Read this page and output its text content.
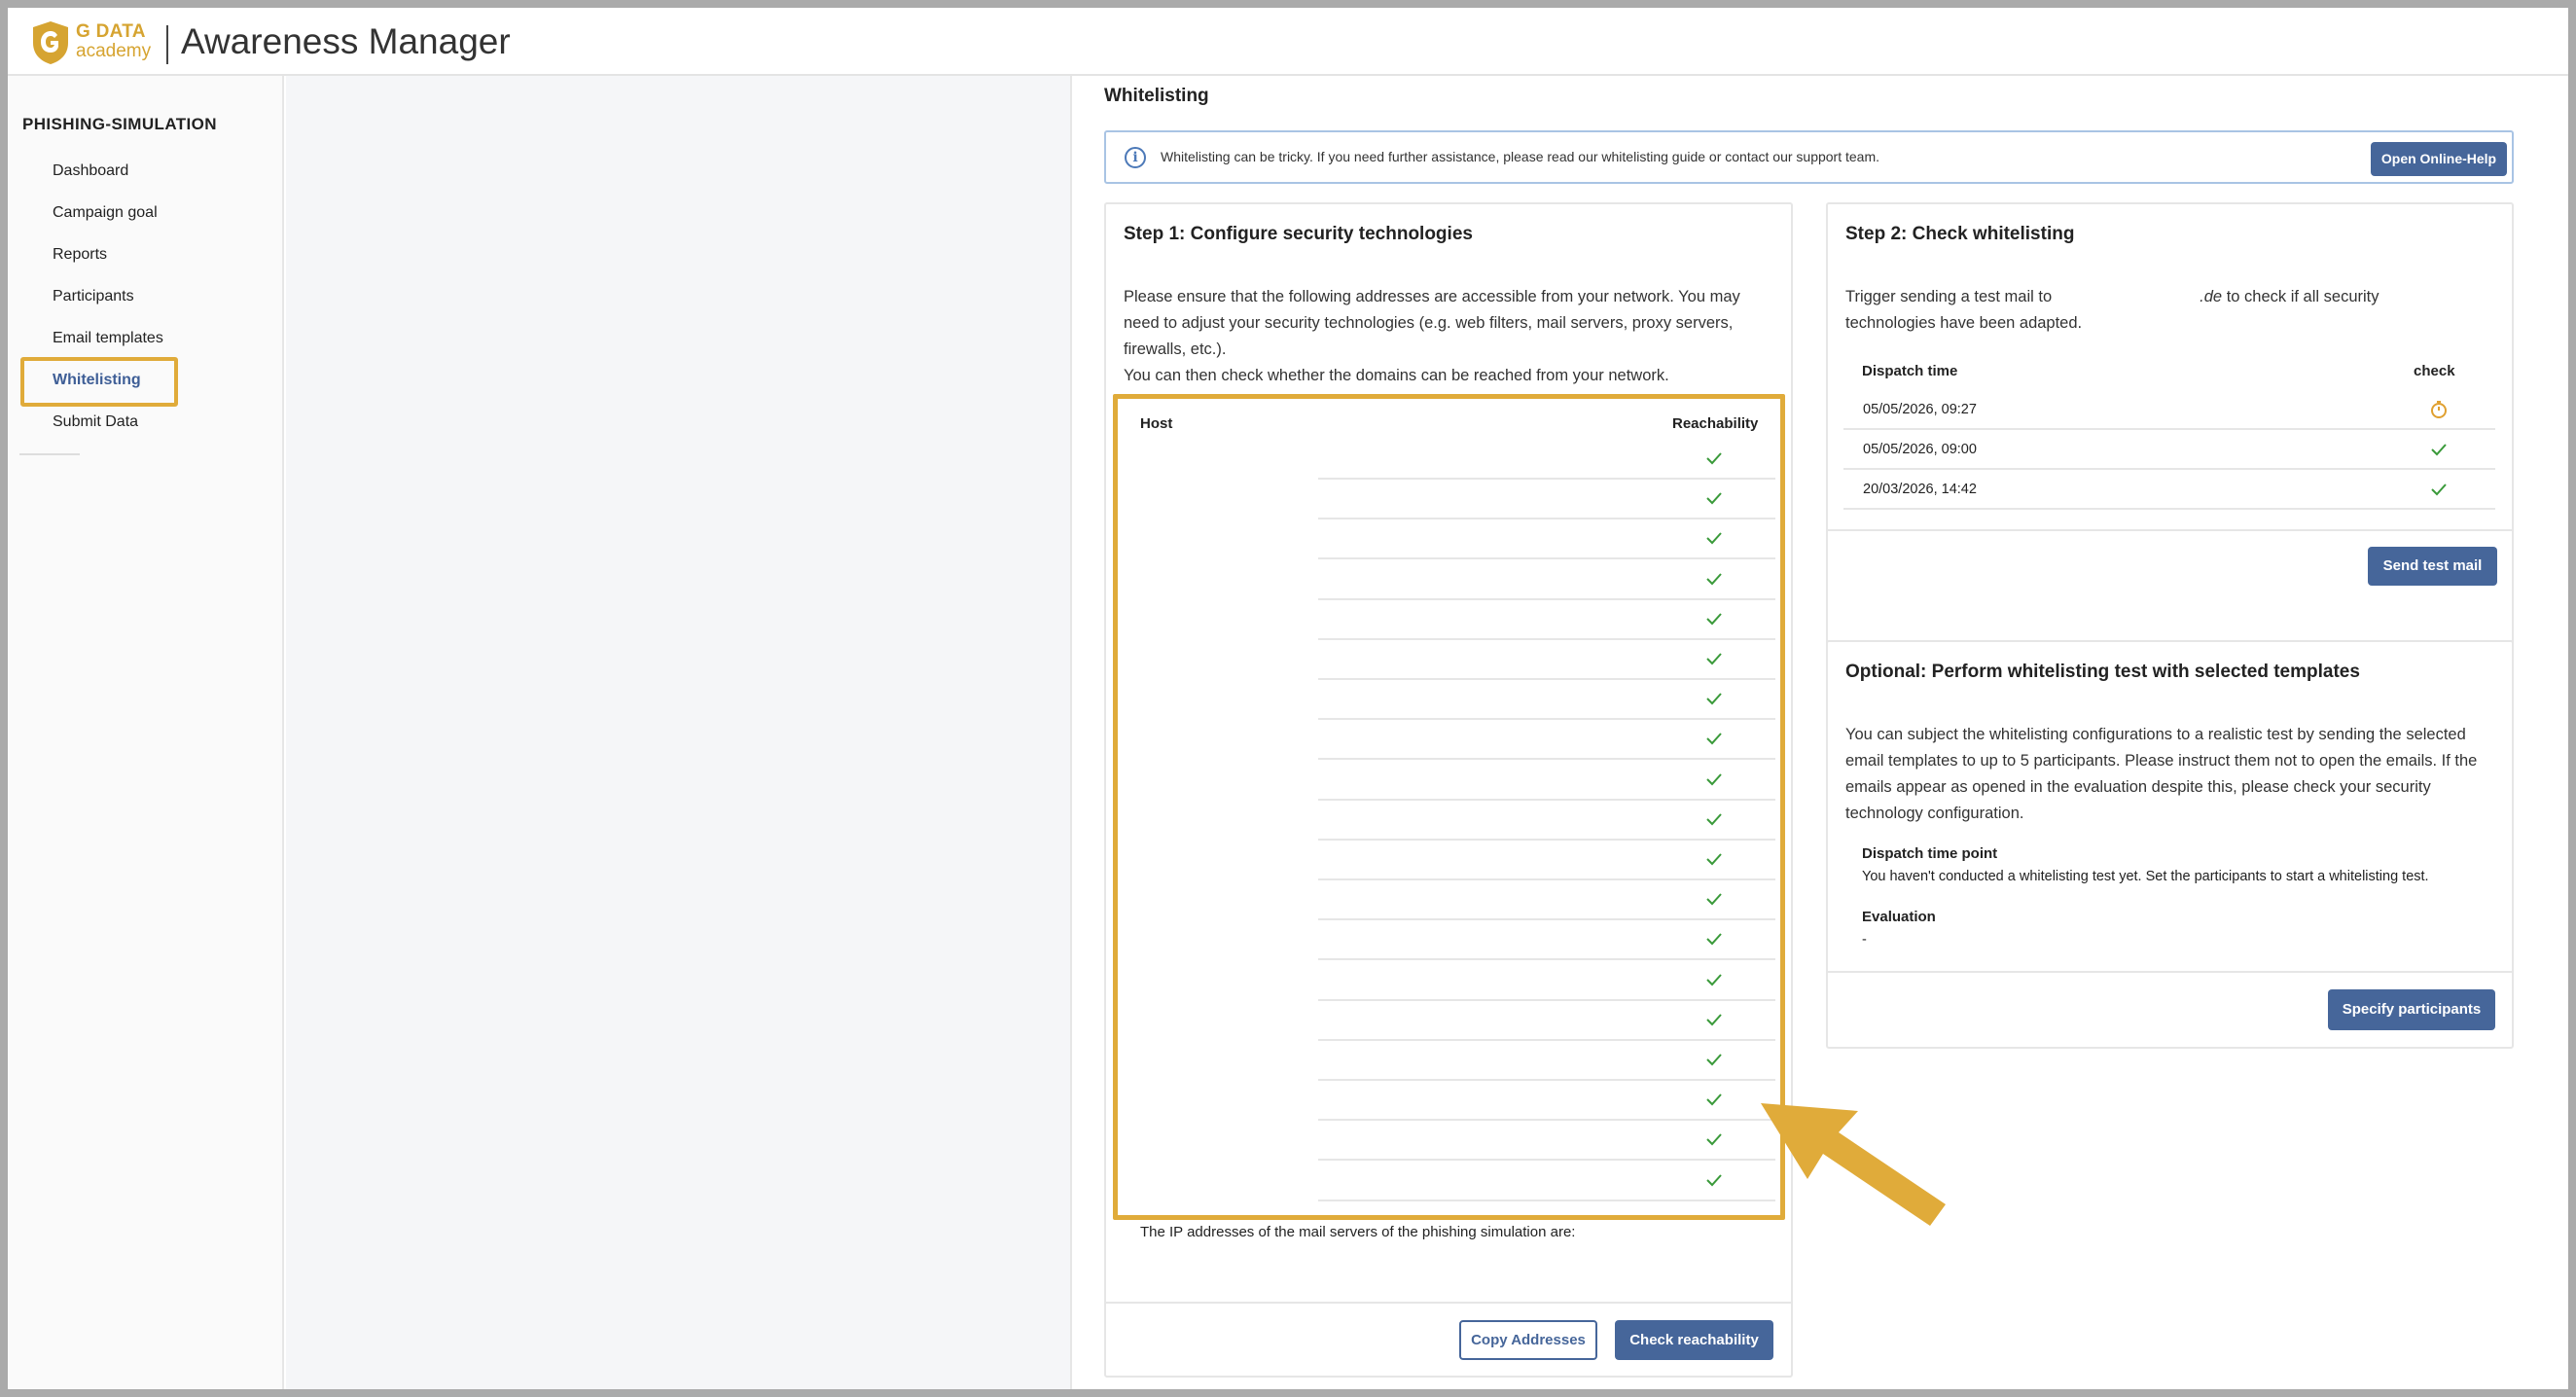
G DATA
academy Awareness Manager
PHISHING-SIMULATION
Dashboard
Campaign goal
Reports
Participants
Email templates
Whitelisting
Submit Data
Whitelisting
i	Whitelisting can be tricky. If you need further assistance, please read our whitelisting guide or contact our support team.	Open Online-Help
Step 1: Configure security technologies
Please ensure that the following addresses are accessible from your network. You may need to adjust your security technologies (e.g. web filters, mail servers, proxy servers, firewalls, etc.).
You can then check whether the domains can be reached from your network.
Host	Reachability
The IP addresses of the mail servers of the phishing simulation are:
Copy Addresses	Check reachability
Step 2: Check whitelisting
Trigger sending a test mail to	.de to check if all security
technologies have been adapted.
Dispatch time	check
05/05/2026, 09:27
05/05/2026, 09:00
20/03/2026, 14:42
Send test mail
Optional: Perform whitelisting test with selected templates
You can subject the whitelisting configurations to a realistic test by sending the selected email templates to up to 5 participants. Please instruct them not to open the emails. If the emails appear as opened in the evaluation despite this, please check your security technology configuration.
Dispatch time point
You haven't conducted a whitelisting test yet. Set the participants to start a whitelisting test.
Evaluation
-
Specify participants
